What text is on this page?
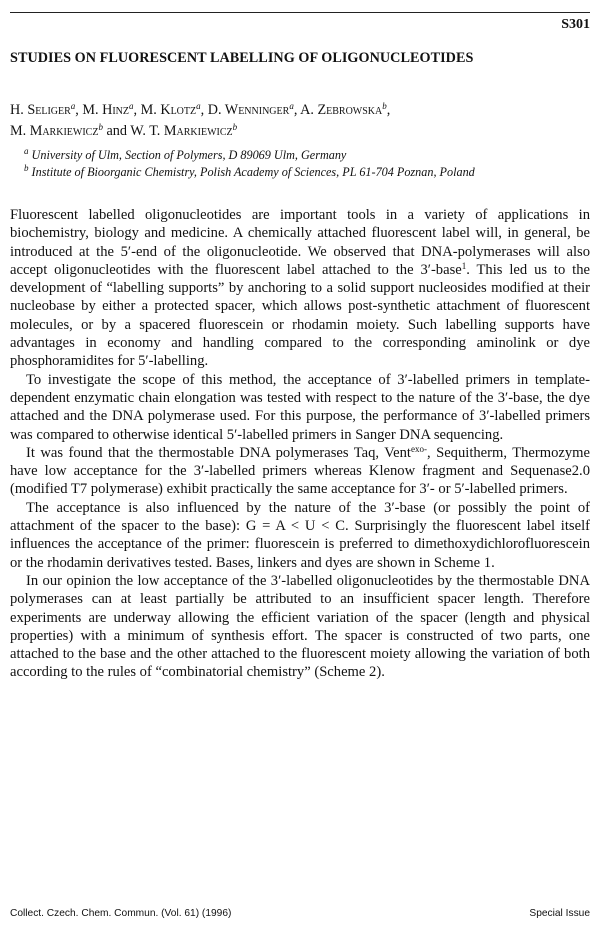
S301
STUDIES ON FLUORESCENT LABELLING OF OLIGONUCLEOTIDES
H. Seliger$^a$, M. Hinz$^a$, M. Klotz$^a$, D. Wenninger$^a$, A. Zebrowska$^b$,
M. Markiewicz$^b$ and W. T. Markiewicz$^b$
$^a$ University of Ulm, Section of Polymers, D 89069 Ulm, Germany
$^b$ Institute of Bioorganic Chemistry, Polish Academy of Sciences, PL 61-704 Poznan, Poland

Fluorescent labelled oligonucleotides are important tools in a variety of applications in biochemistry, biology and medicine. A chemically attached fluorescent label will, in general, be introduced at the 5′-end of the oligonucleotide. We observed that DNA-polymerases will also accept oligonucleotides with the fluorescent label attached to the 3′-base$^1$. This led us to the development of “labelling supports” by anchoring to a solid support nucleosides modified at their nucleobase by either a protected spacer, which allows post-synthetic attachment of fluorescent molecules, or by a spacered fluorescein or rhodamin moiety. Such labelling supports have advantages in economy and handling compared to the corresponding aminolink or dye phosphoramidites for 5′-labelling.

To investigate the scope of this method, the acceptance of 3′-labelled primers in template-dependent enzymatic chain elongation was tested with respect to the nature of the 3′-base, the dye attached and the DNA polymerase used. For this purpose, the performance of 3′-labelled primers was compared to otherwise identical 5′-labelled primers in Sanger DNA sequencing.

It was found that the thermostable DNA polymerases Taq, Vent$^{exo-}$, Sequitherm, Thermozyme have low acceptance for the 3′-labelled primers whereas Klenow fragment and Sequenase2.0 (modified T7 polymerase) exhibit practically the same acceptance for 3′- or 5′-labelled primers.

The acceptance is also influenced by the nature of the 3′-base (or possibly the point of attachment of the spacer to the base): G = A < U < C. Surprisingly the fluorescent label itself influences the acceptance of the primer: fluorescein is preferred to dimethoxydichlorofluorescein or the rhodamin derivatives tested. Bases, linkers and dyes are shown in Scheme 1.

In our opinion the low acceptance of the 3′-labelled oligonucleotides by the thermostable DNA polymerases can at least partially be attributed to an insufficient spacer length. Therefore experiments are underway allowing the efficient variation of the spacer (length and physical properties) with a minimum of synthesis effort. The spacer is constructed of two parts, one attached to the base and the other attached to the fluorescent moiety allowing the variation of both according to the rules of “combinatorial chemistry” (Scheme 2).

Collect. Czech. Chem. Commun. (Vol. 61) (1996)	Special Issue
